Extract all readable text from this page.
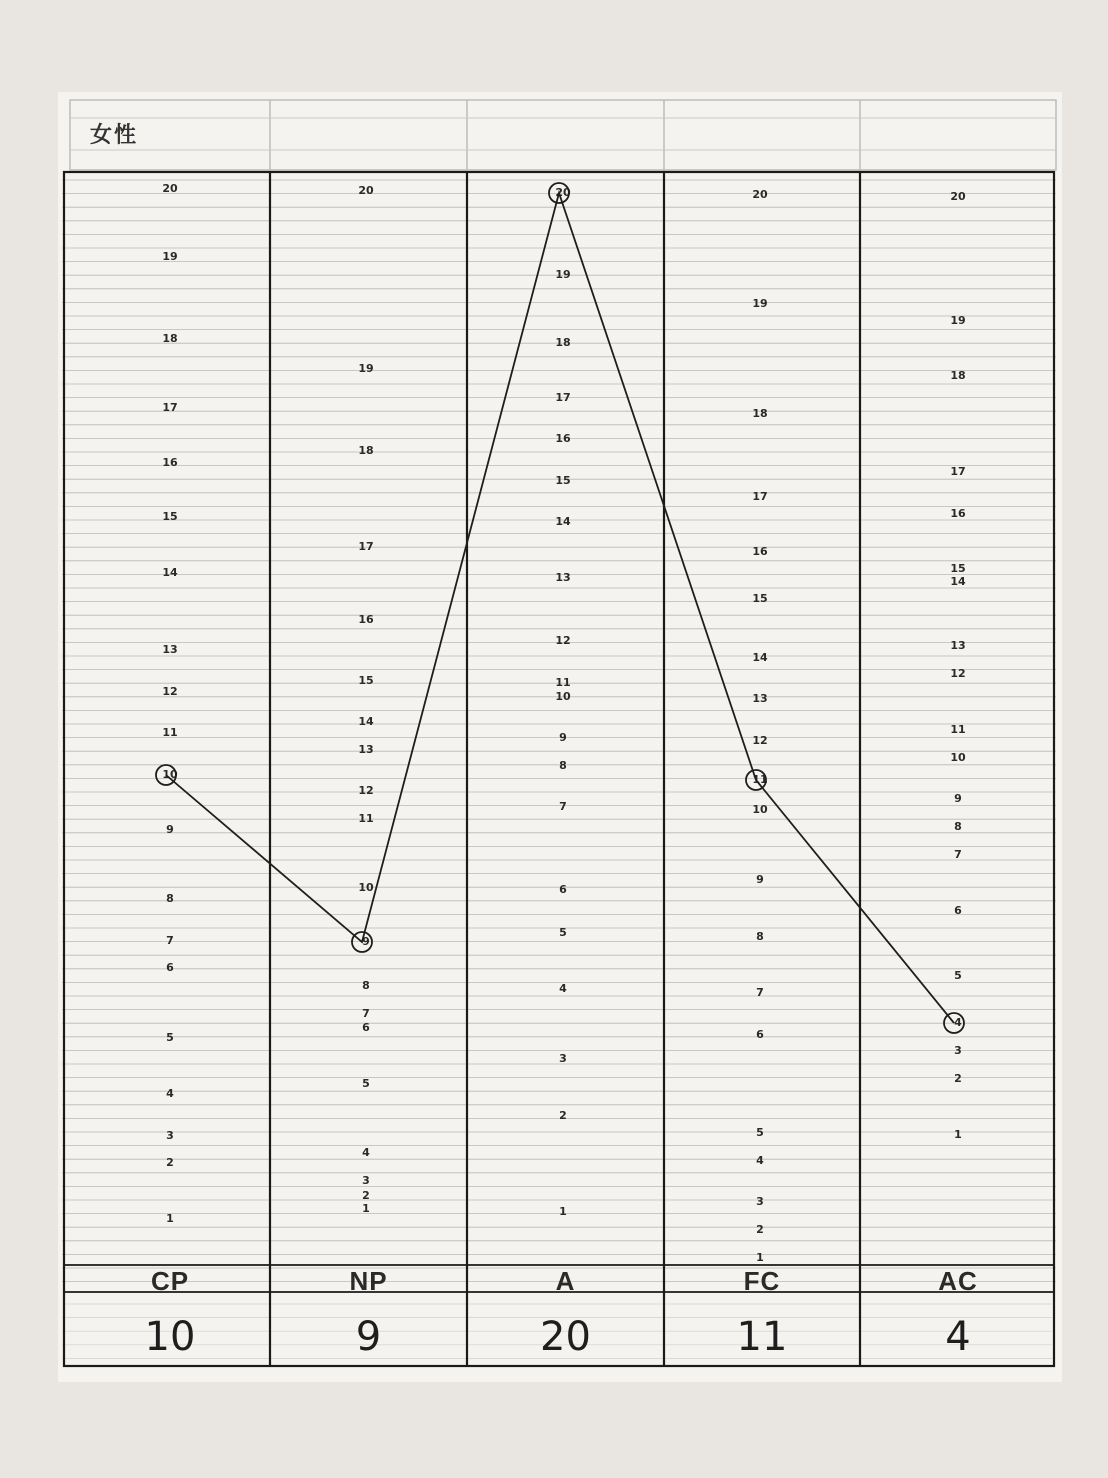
20
19
18
17
16
15
14
13
12
11
10
9
8
7
6
5
4
3
2
1
20
19
18
17
16
15
14
13
12
11
10
9
8
7
6
5
4
3
2
1
20
19
18
17
16
15
14
13
12
11
10
9
8
7
6
5
4
3
2
1
20
19
18
17
16
15
14
13
12
11
10
9
8
7
6
5
4
3
2
1
20
19
18
17
16
15
14
13
12
11
10
9
8
7
6
5
4
3
2
1
CP	NP	A	FC	AC
10	9	20	11	4
女性
